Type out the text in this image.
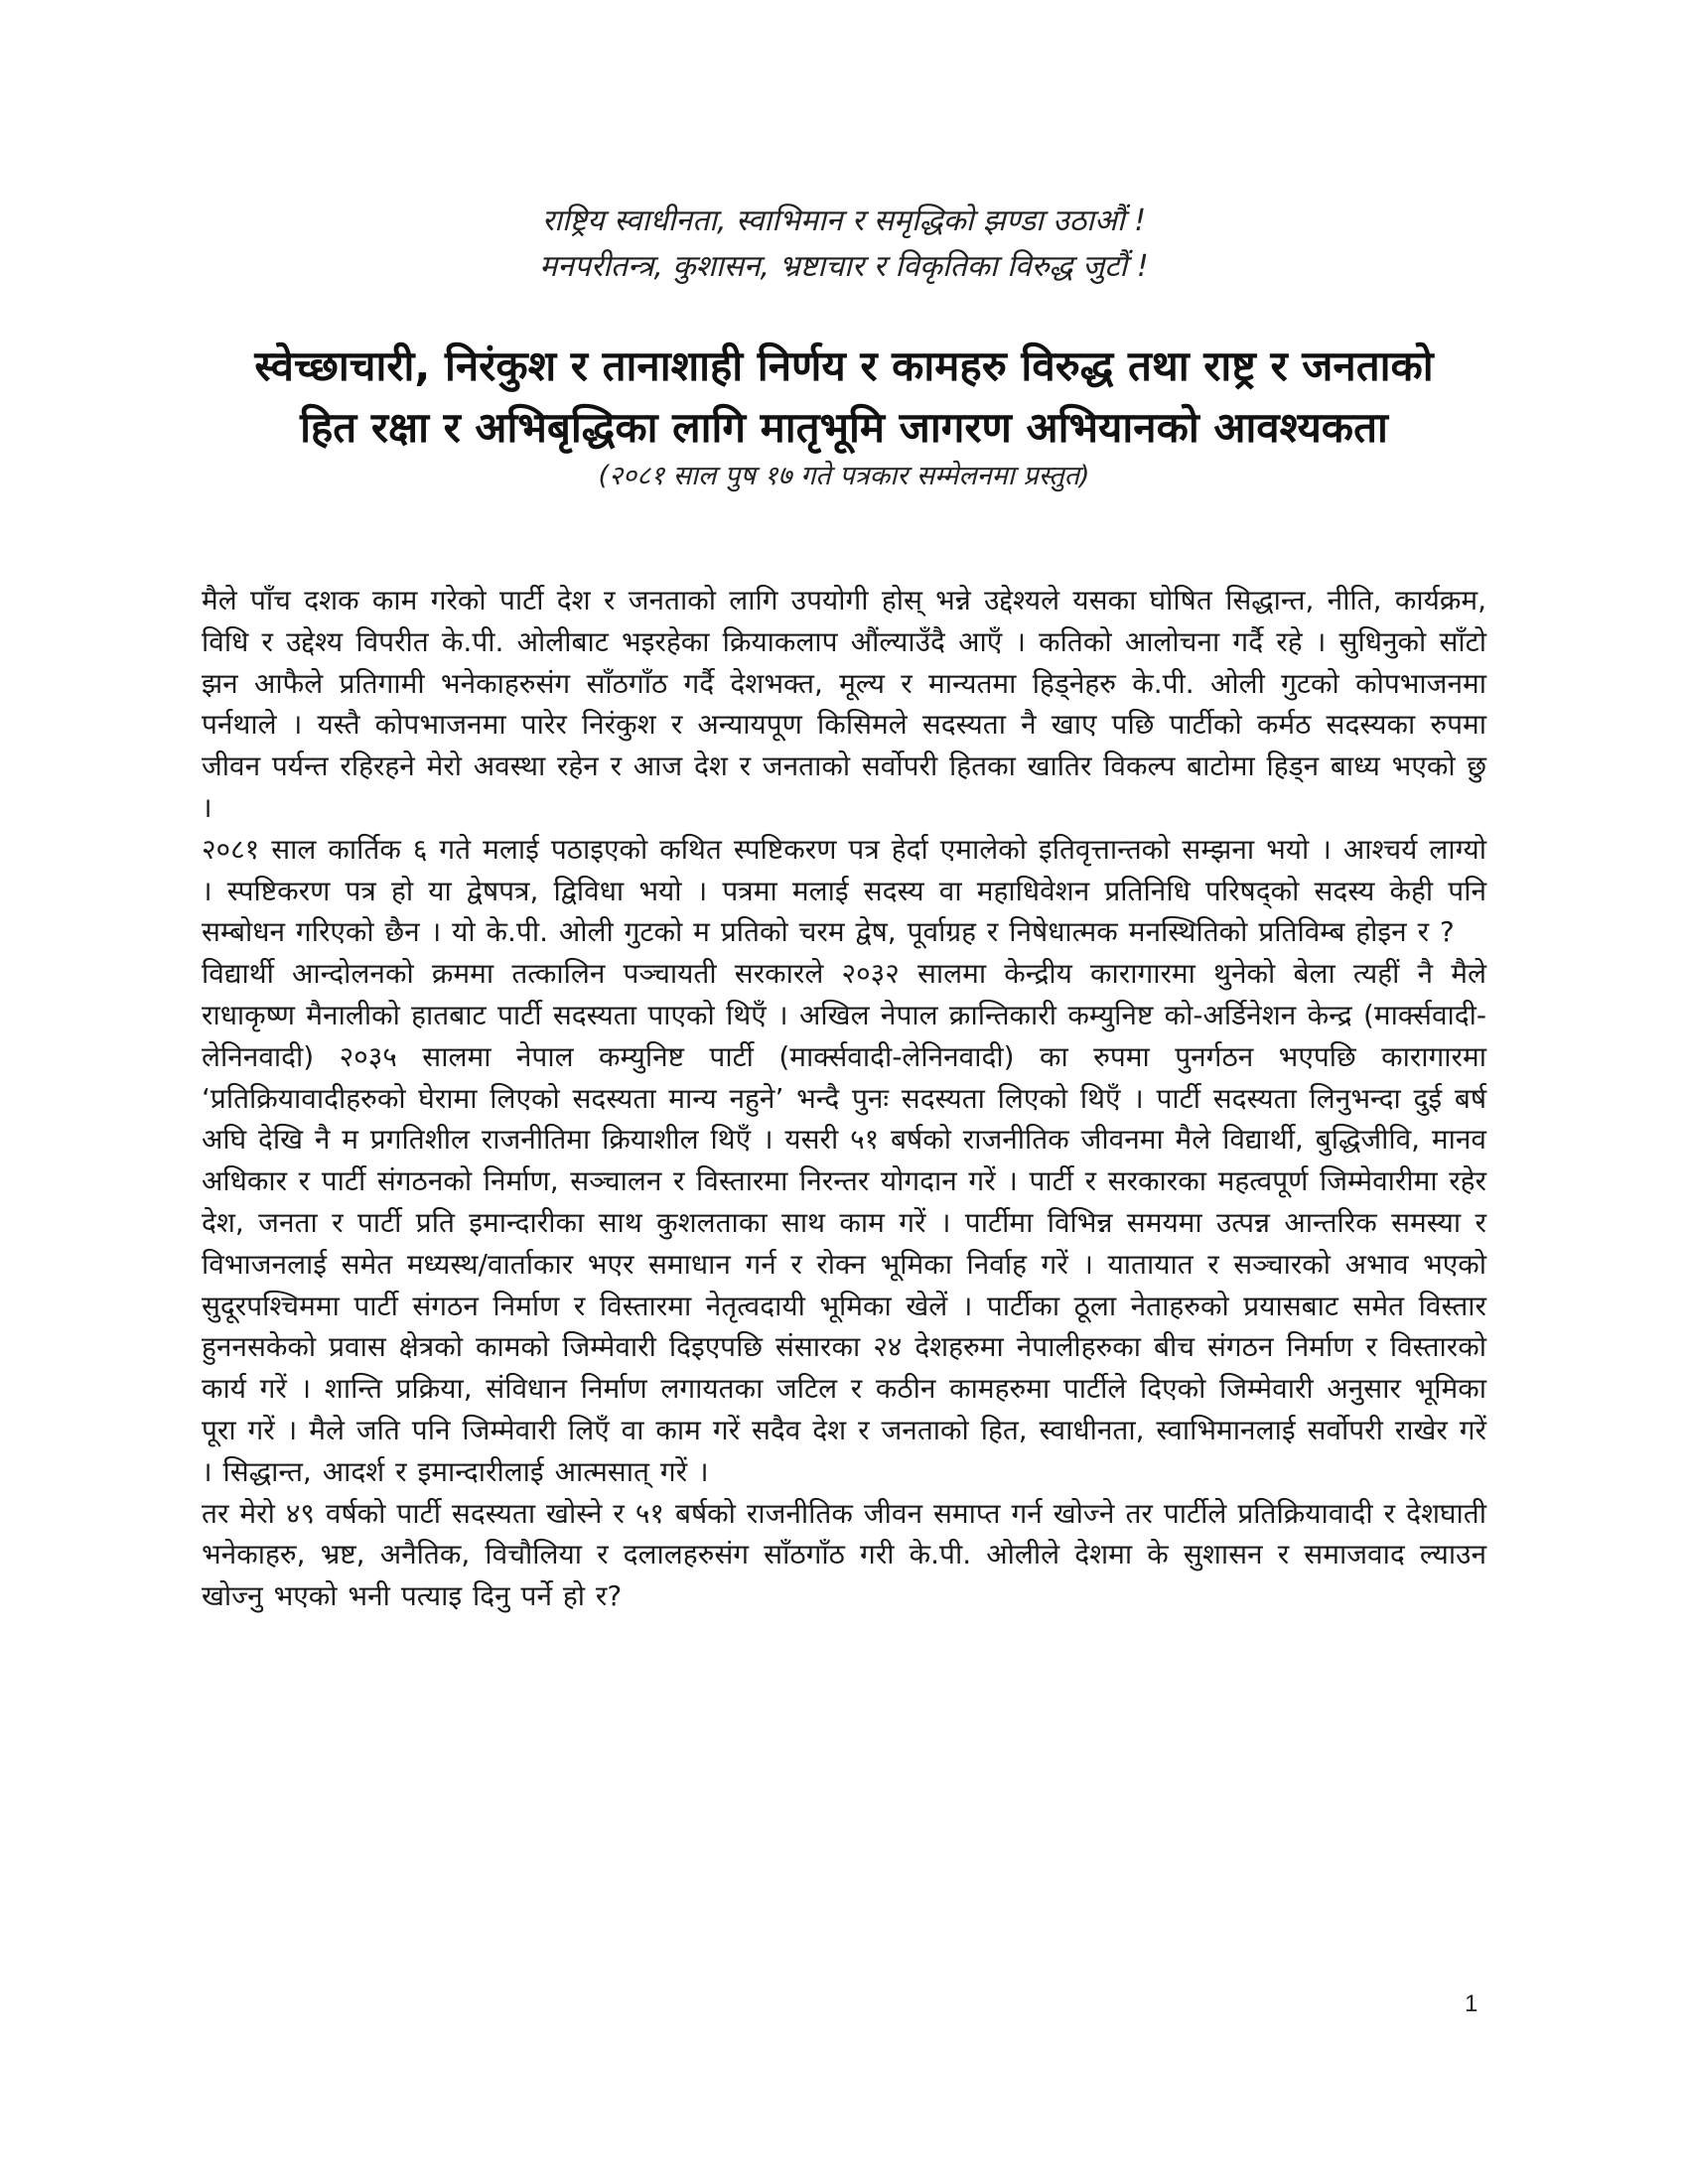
राष्ट्रिय स्वाधीनता, स्वाभिमान र समृद्धिको झण्डा उठाऔं !
मनपरीतन्त्र, कुशासन, भ्रष्टाचार र विकृतिका विरुद्ध जुटौं !
स्वेच्छाचारी, निरंकुश र तानाशाही निर्णय र कामहरु विरुद्ध तथा राष्ट्र र जनताको
हित रक्षा र अभिबृद्धिका लागि मातृभूमि जागरण अभियानको आवश्यकता
(२०८१ साल पुष १७ गते पत्रकार सम्मेलनमा प्रस्तुत)

मैले पाँच दशक काम गरेको पार्टी देश र जनताको लागि उपयोगी होस् भन्ने उद्देश्यले यसका घोषित सिद्धान्त, नीति, कार्यक्रम, विधि र उद्देश्य विपरीत के.पी. ओलीबाट भइरहेका क्रियाकलाप औंल्याउँदै आएँ । कतिको आलोचना गर्दै रहे । सुधिनुको साँटो झन आफैले प्रतिगामी भनेकाहरुसंग साँठगाँठ गर्दै देशभक्त, मूल्य र मान्यतमा हिड्नेहरु के.पी. ओली गुटको कोपभाजनमा पर्नथाले । यस्तै कोपभाजनमा पारेर निरंकुश र अन्यायपूण किसिमले सदस्यता नै खाए पछि पार्टीको कर्मठ सदस्यका रुपमा जीवन पर्यन्त रहिरहने मेरो अवस्था रहेन र आज देश र जनताको सर्वोपरी हितका खातिर विकल्प बाटोमा हिड्न बाध्य भएको छु ।

२०८१ साल कार्तिक ६ गते मलाई पठाइएको कथित स्पष्टिकरण पत्र हेर्दा एमालेको इतिवृत्तान्तको सम्झना भयो । आश्चर्य लाग्यो । स्पष्टिकरण पत्र हो या द्वेषपत्र, द्विविधा भयो । पत्रमा मलाई सदस्य वा महाधिवेशन प्रतिनिधि परिषद्को सदस्य केही पनि सम्बोधन गरिएको छैन । यो के.पी. ओली गुटको म प्रतिको चरम द्वेष, पूर्वाग्रह र निषेधात्मक मनस्थितिको प्रतिविम्ब होइन र ?

विद्यार्थी आन्दोलनको क्रममा तत्कालिन पञ्चायती सरकारले २०३२ सालमा केन्द्रीय कारागारमा थुनेको बेला त्यहीं नै मैले राधाकृष्ण मैनालीको हातबाट पार्टी सदस्यता पाएको थिएँ । अखिल नेपाल क्रान्तिकारी कम्युनिष्ट को-अर्डिनेशन केन्द्र (मार्क्सवादी-लेनिनवादी) २०३५ सालमा नेपाल कम्युनिष्ट पार्टी (मार्क्सवादी-लेनिनवादी) का रुपमा पुनर्गठन भएपछि कारागारमा ‘प्रतिक्रियावादीहरुको घेरामा लिएको सदस्यता मान्य नहुने’ भन्दै पुनः सदस्यता लिएको थिएँ । पार्टी सदस्यता लिनुभन्दा दुई बर्ष अघि देखि नै म प्रगतिशील राजनीतिमा क्रियाशील थिएँ । यसरी ५१ बर्षको राजनीतिक जीवनमा मैले विद्यार्थी, बुद्धिजीवि, मानव अधिकार र पार्टी संगठनको निर्माण, सञ्चालन र विस्तारमा निरन्तर योगदान गरें । पार्टी र सरकारका महत्वपूर्ण जिम्मेवारीमा रहेर देश, जनता र पार्टी प्रति इमान्दारीका साथ कुशलताका साथ काम गरें । पार्टीमा विभिन्न समयमा उत्पन्न आन्तरिक समस्या र विभाजनलाई समेत मध्यस्थ/वार्ताकार भएर समाधान गर्न र रोक्न भूमिका निर्वाह गरें । यातायात र सञ्चारको अभाव भएको सुदूरपश्चिममा पार्टी संगठन निर्माण र विस्तारमा नेतृत्वदायी भूमिका खेलें । पार्टीका ठूला नेताहरुको प्रयासबाट समेत विस्तार हुननसकेको प्रवास क्षेत्रको कामको जिम्मेवारी दिइएपछि संसारका २४ देशहरुमा नेपालीहरुका बीच संगठन निर्माण र विस्तारको कार्य गरें । शान्ति प्रक्रिया, संविधान निर्माण लगायतका जटिल र कठीन कामहरुमा पार्टीले दिएको जिम्मेवारी अनुसार भूमिका पूरा गरें । मैले जति पनि जिम्मेवारी लिएँ वा काम गरें सदैव देश र जनताको हित, स्वाधीनता, स्वाभिमानलाई सर्वोपरी राखेर गरें । सिद्धान्त, आदर्श र इमान्दारीलाई आत्मसात् गरें ।

तर मेरो ४९ वर्षको पार्टी सदस्यता खोस्ने र ५१ बर्षको राजनीतिक जीवन समाप्त गर्न खोज्ने तर पार्टीले प्रतिक्रियावादी र देशघाती भनेकाहरु, भ्रष्ट, अनैतिक, विचौलिया र दलालहरुसंग साँठगाँठ गरी के.पी. ओलीले देशमा के सुशासन र समाजवाद ल्याउन खोज्नु भएको भनी पत्याइ दिनु पर्ने हो र?

1
